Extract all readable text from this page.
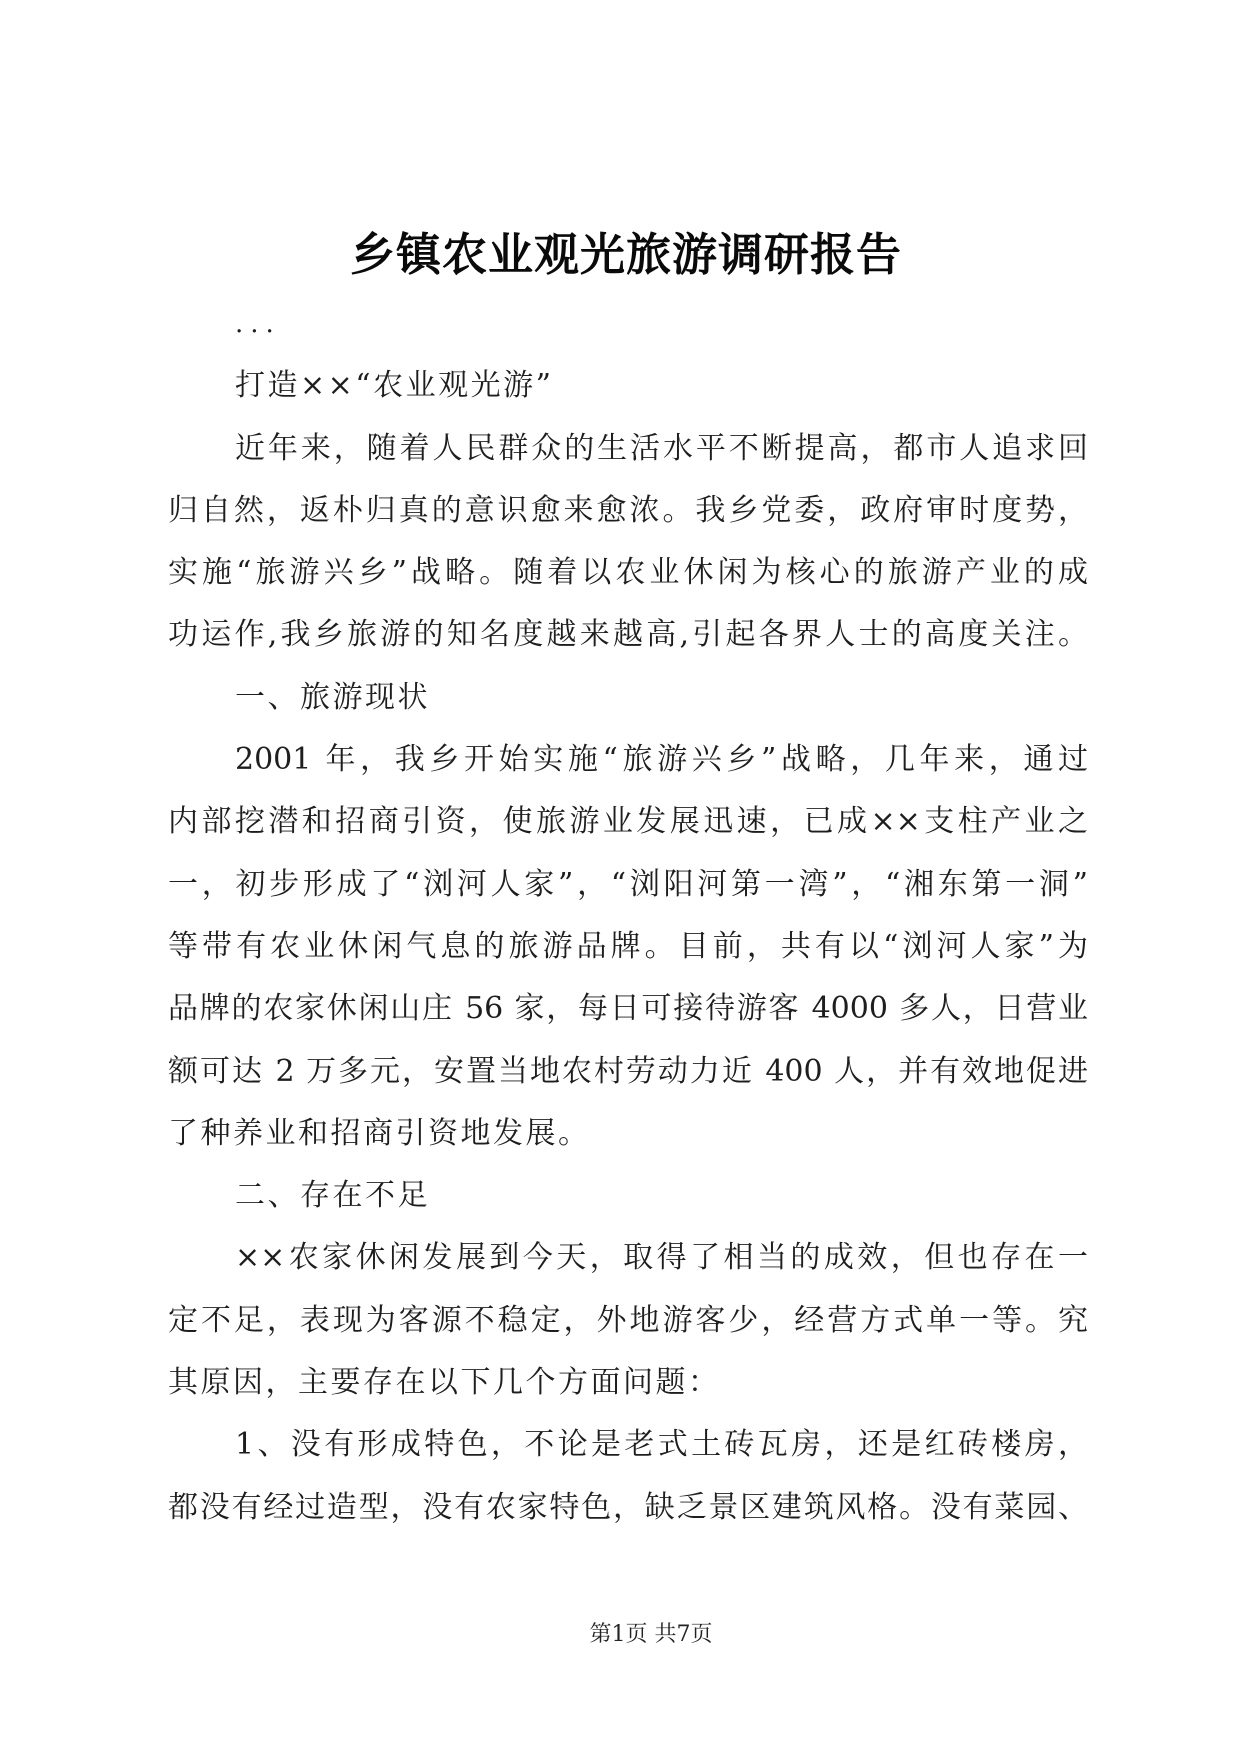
乡镇农业观光旅游调研报告
...
打造××“农业观光游”
近年来，随着人民群众的生活水平不断提高，都市人追求回
归自然，返朴归真的意识愈来愈浓。我乡党委，政府审时度势，
实施“旅游兴乡”战略。随着以农业休闲为核心的旅游产业的成
功运作,我乡旅游的知名度越来越高,引起各界人士的高度关注。
一、旅游现状
2001 年，我乡开始实施“旅游兴乡”战略，几年来，通过
内部挖潜和招商引资，使旅游业发展迅速，已成××支柱产业之
一，初步形成了“浏河人家”，“浏阳河第一湾”，“湘东第一洞”
等带有农业休闲气息的旅游品牌。目前，共有以“浏河人家”为
品牌的农家休闲山庄 56 家，每日可接待游客 4000 多人，日营业
额可达 2 万多元，安置当地农村劳动力近 400 人，并有效地促进
了种养业和招商引资地发展。
二、存在不足
××农家休闲发展到今天，取得了相当的成效，但也存在一
定不足，表现为客源不稳定，外地游客少，经营方式单一等。究
其原因，主要存在以下几个方面问题：
1、没有形成特色，不论是老式土砖瓦房，还是红砖楼房，
都没有经过造型，没有农家特色，缺乏景区建筑风格。没有菜园、
第1页 共7页
